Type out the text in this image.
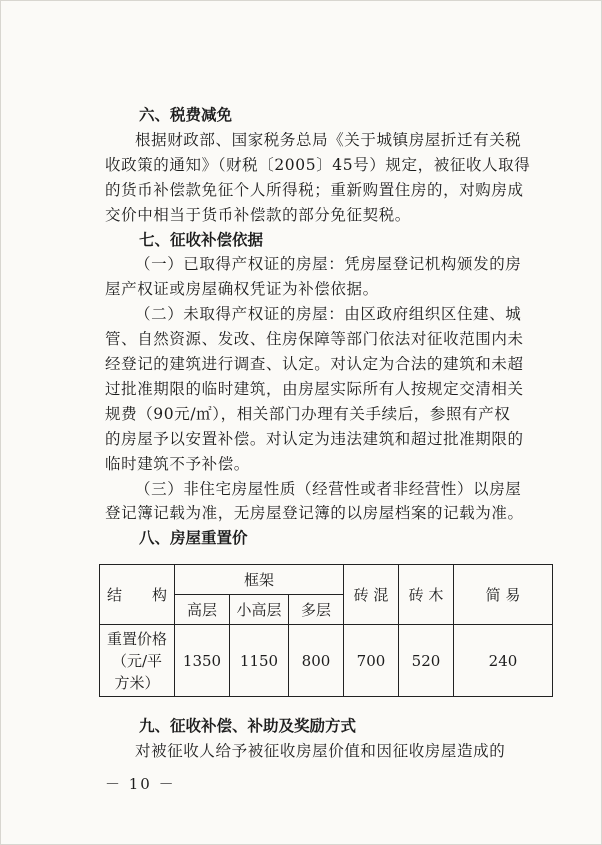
六、税费减免
根据财政部、国家税务总局《关于城镇房屋折迁有关税
收政策的通知》（财税〔2005〕45号）规定，被征收人取得
的货币补偿款免征个人所得税；重新购置住房的，对购房成
交价中相当于货币补偿款的部分免征契税。
七、征收补偿依据
（一）已取得产权证的房屋：凭房屋登记机构颁发的房
屋产权证或房屋确权凭证为补偿依据。
（二）未取得产权证的房屋：由区政府组织区住建、城
管、自然资源、发改、住房保障等部门依法对征收范围内未
经登记的建筑进行调查、认定。对认定为合法的建筑和未超
过批准期限的临时建筑，由房屋实际所有人按规定交清相关
规费（90元/㎡），相关部门办理有关手续后，参照有产权
的房屋予以安置补偿。对认定为违法建筑和超过批准期限的
临时建筑不予补偿。
（三）非住宅房屋性质（经营性或者非经营性）以房屋
登记簿记载为准，无房屋登记簿的以房屋档案的记载为准。
八、房屋重置价
结　　构	框架			砖 混	砖 木	简 易
	高层	小高层	多层			

重置价格
（元/平
方米）	1350	1150	800	700	520	240
九、征收补偿、补助及奖励方式
对被征收人给予被征收房屋价值和因征收房屋造成的
－ 10 －
